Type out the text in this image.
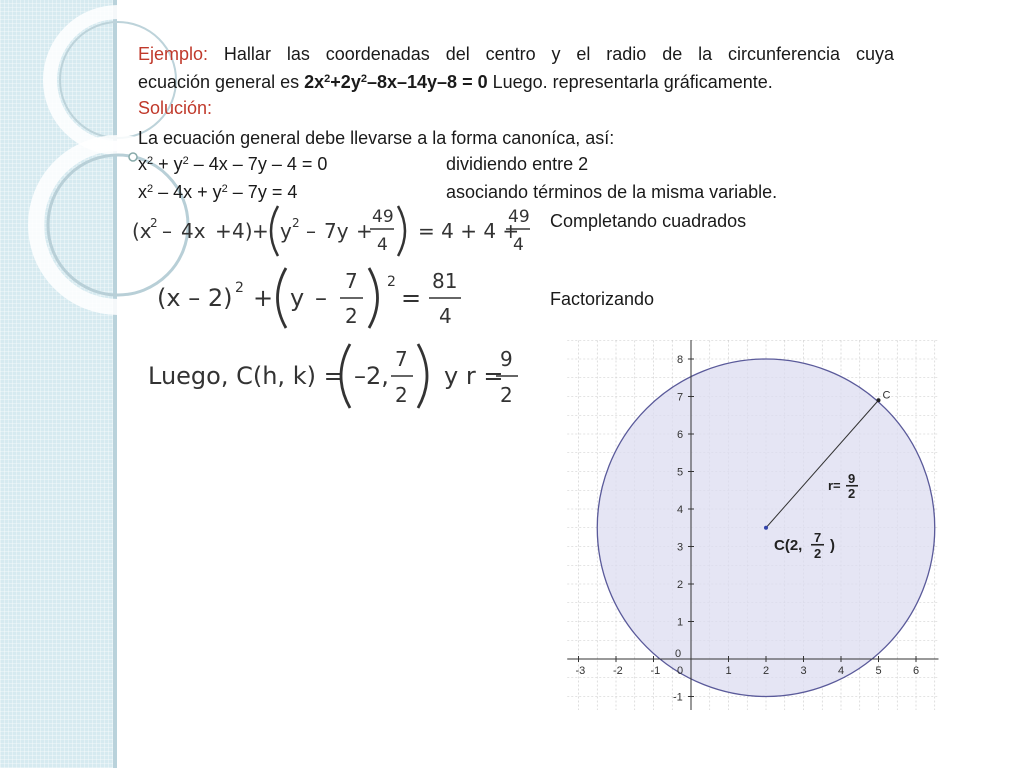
Ejemplo: Hallar las coordenadas del centro y el radio de la circunferencia cuya
ecuación general es $2x^2+2y^2-8x-14y-8 = 0$ Luego. representarla gráficamente.
Solución:
La ecuación general debe llevarse a la forma canoníca, así:
$x^2 + y^2 - 4x - 7y - 4 = 0$	dividiendo entre 2
$x^2 - 4x + y^2 - 7y = 4$	asociando términos de la misma variable.
Completando cuadrados
Factorizando
(x
2 – 4x + 4) + y 2 – 7y +
49
4
= 4 + 4 +
49
4
(x – 2) 2 + y –
7
2
2
=
81
4
Luego, C(h, k) = –2,
7
2
y r =
9
2
-3	-2	-1 0	1	2	3	4	5	6
8
7
6
5
4
3
2
1
0
-1
C
C(2, 7
2 )
r= 9
2
